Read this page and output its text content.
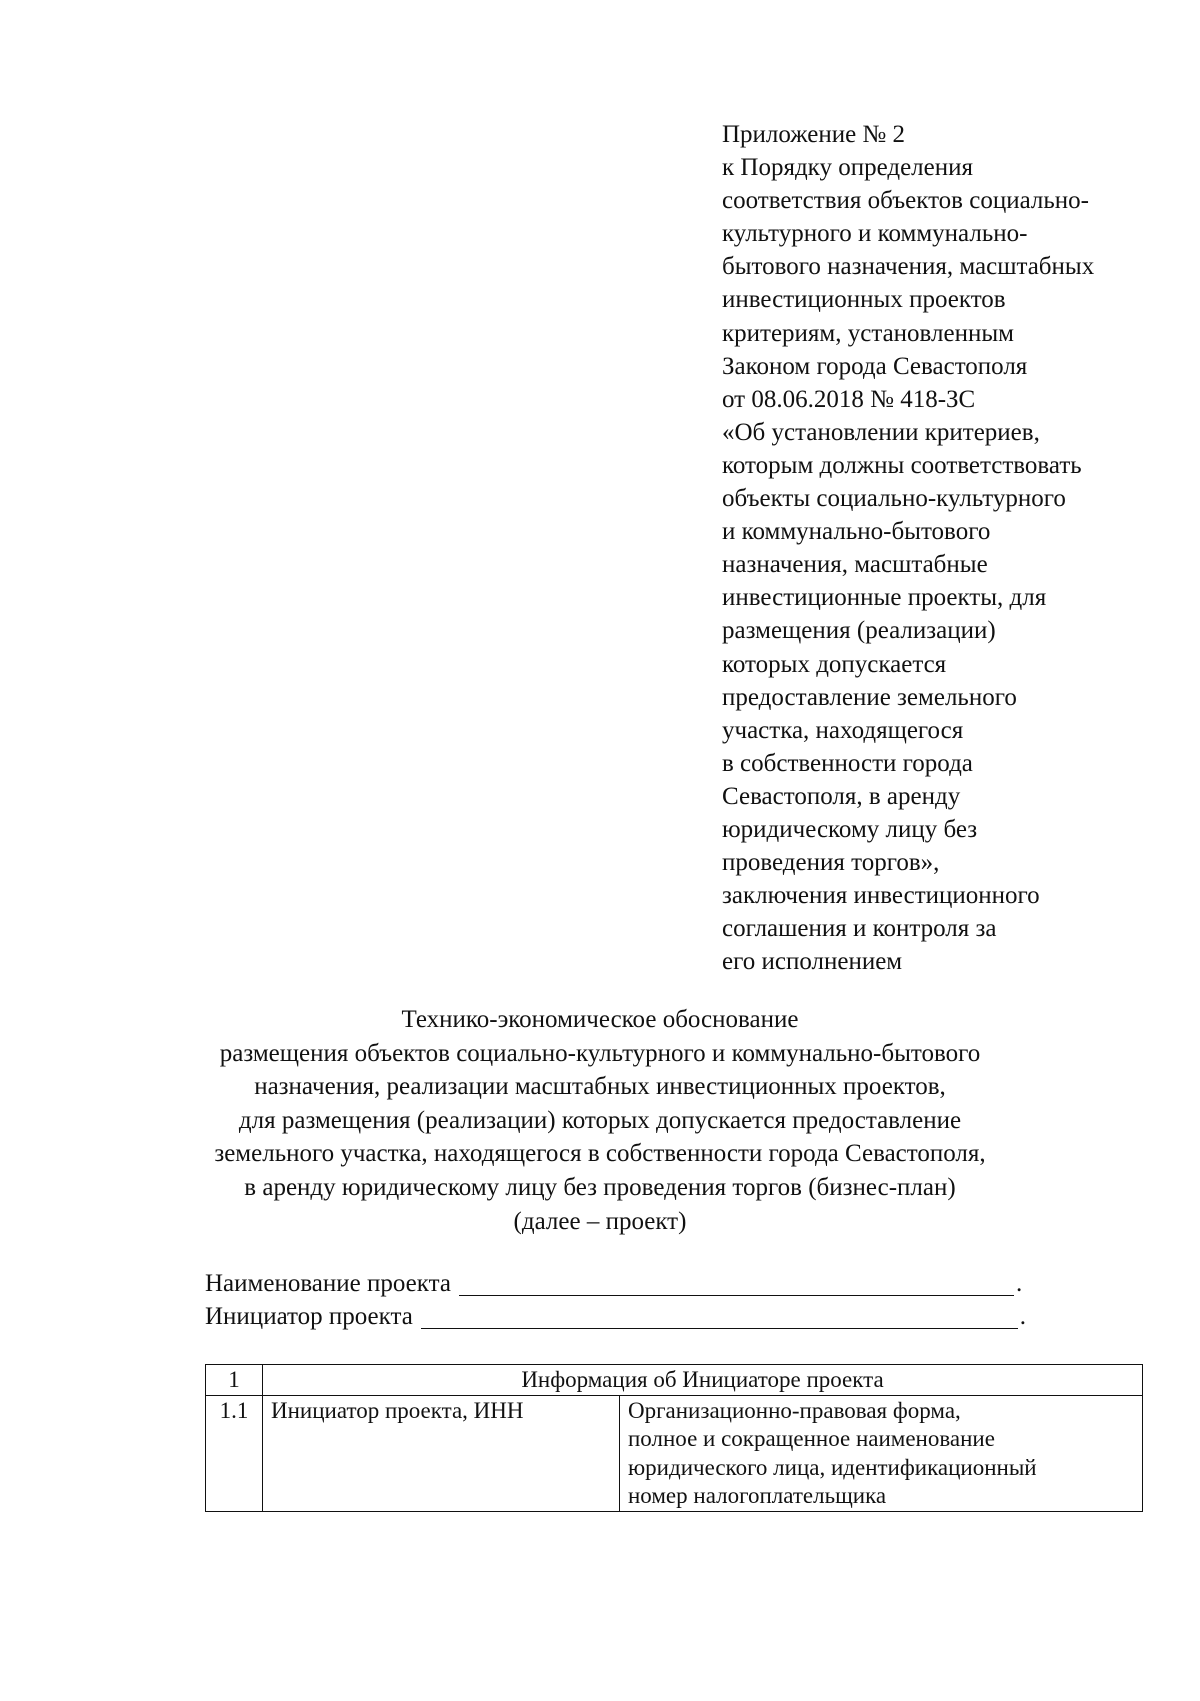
Приложение № 2
к Порядку определения
соответствия объектов социально-
культурного и коммунально-
бытового назначения, масштабных
инвестиционных проектов
критериям, установленным
Законом города Севастополя
от 08.06.2018 № 418-ЗС
«Об установлении критериев,
которым должны соответствовать
объекты социально-культурного
и коммунально-бытового
назначения, масштабные
инвестиционные проекты, для
размещения (реализации)
которых допускается
предоставление земельного
участка, находящегося
в собственности города
Севастополя, в аренду
юридическому лицу без
проведения торгов»,
заключения инвестиционного
соглашения и контроля за
его исполнением
Технико-экономическое обоснование
размещения объектов социально-культурного и коммунально-бытового
назначения, реализации масштабных инвестиционных проектов,
для размещения (реализации) которых допускается предоставление
земельного участка, находящегося в собственности города Севастополя,
в аренду юридическому лицу без проведения торгов (бизнес-план)
(далее – проект)
Наименование проекта	.
Инициатор проекта	.
1	Информация об Инициаторе проекта	
1.1	Инициатор проекта, ИНН	Организационно-правовая форма,
полное и сокращенное наименование
юридического лица, идентификационный
номер налогоплательщика
